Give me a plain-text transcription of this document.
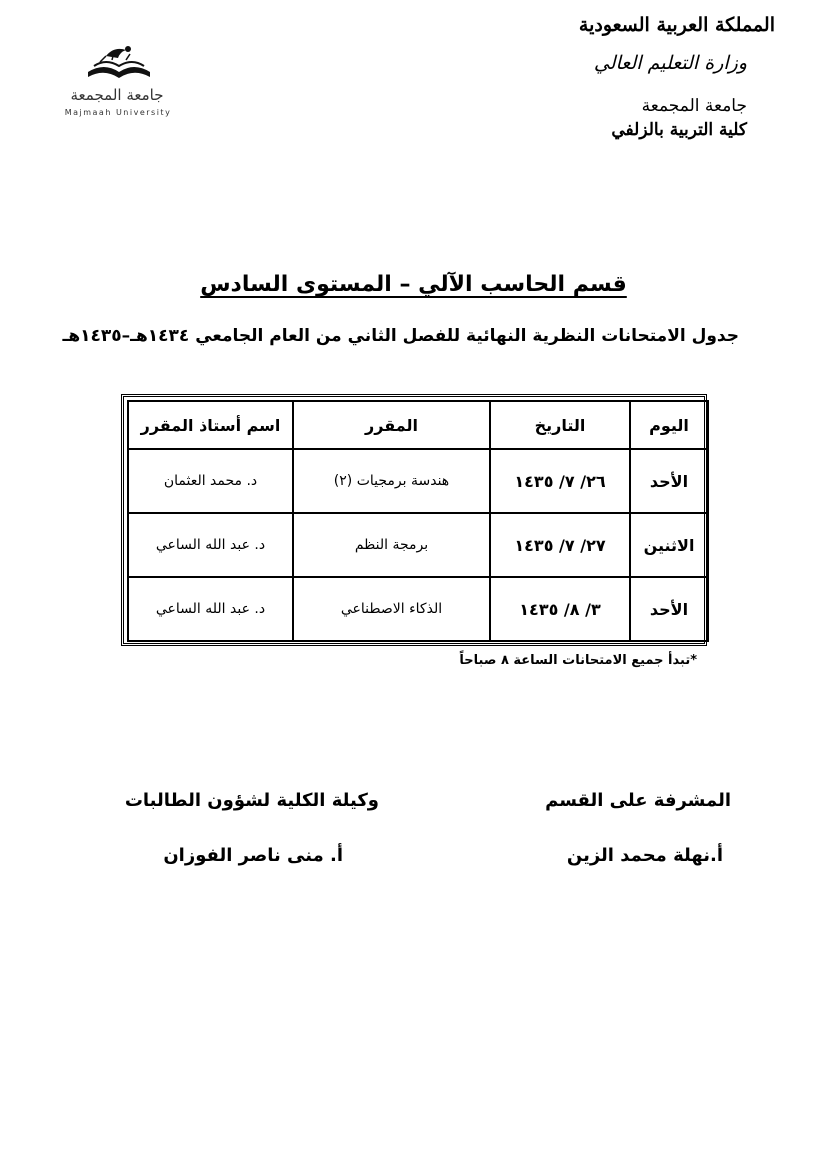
المملكة العربية السعودية
وزارة التعليم العالي
جامعة المجمعة
كلية التربية بالزلفي
جامعة المجمعة
Majmaah University
قسم الحاسب الآلي – المستوى السادس
جدول الامتحانات النظرية النهائية للفصل الثاني من العام الجامعي ١٤٣٤هـ–١٤٣٥هـ
اليوم	التاريخ	المقرر	اسم أستاذ المقرر
الأحد	٢٦/ ٧/ ١٤٣٥	هندسة برمجيات (٢)	د. محمد العثمان
الاثنين	٢٧/ ٧/ ١٤٣٥	برمجة النظم	د. عبد الله الساعي
الأحد	٣/ ٨/ ١٤٣٥	الذكاء الاصطناعي	د. عبد الله الساعي
*تبدأ جميع الامتحانات الساعة ٨ صباحاً
المشرفة على القسم
أ.نهلة محمد الزين
وكيلة الكلية لشؤون الطالبات
أ. منى ناصر الفوزان
